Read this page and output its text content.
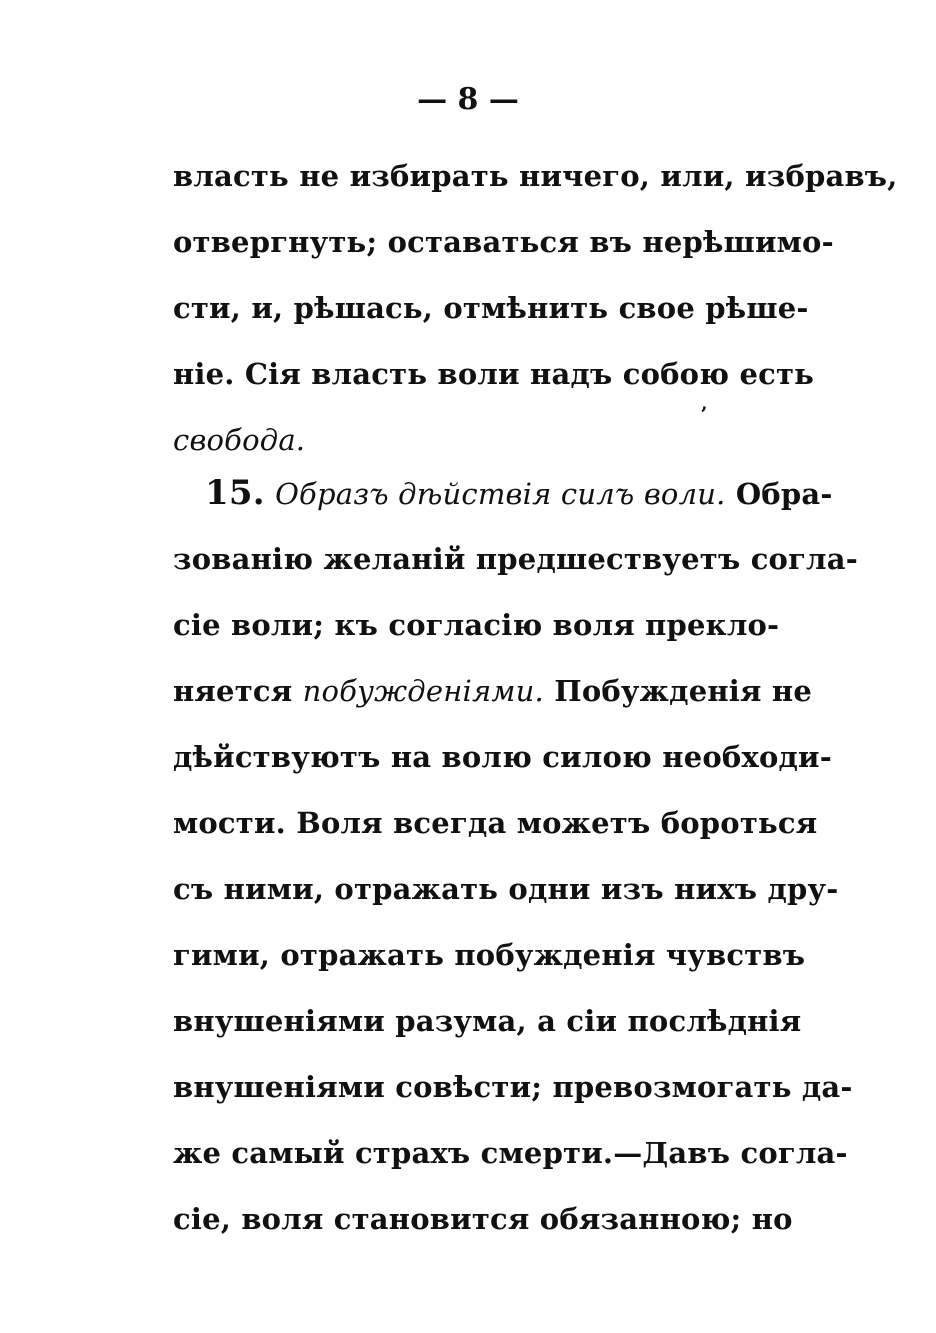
— 8 —
власть не избирать ничего, или, избравъ,
отвергнуть; оставаться въ нерѣшимо-
сти, и, рѣшась, отмѣнить свое рѣше-
ніе. Сія власть воли надъ собою есть
свобода.
ʼ
15. Образъ дѣйствія силъ воли. Обра-
зованію желаній предшествуетъ согла-
сіе воли; къ согласію воля преклo-
няется побужденіями. Побужденія не
дѣйствуютъ на волю силою необходи-
мости. Воля всегда можетъ бороться
съ ними, отражать одни изъ нихъ дру-
гими, отражать побужденія чувствъ
внушеніями разума, а сіи послѣднія
внушеніями совѣсти; превозмогать да-
же самый страхъ смерти.—Давъ согла-
сіе, воля становится обязанною; но
